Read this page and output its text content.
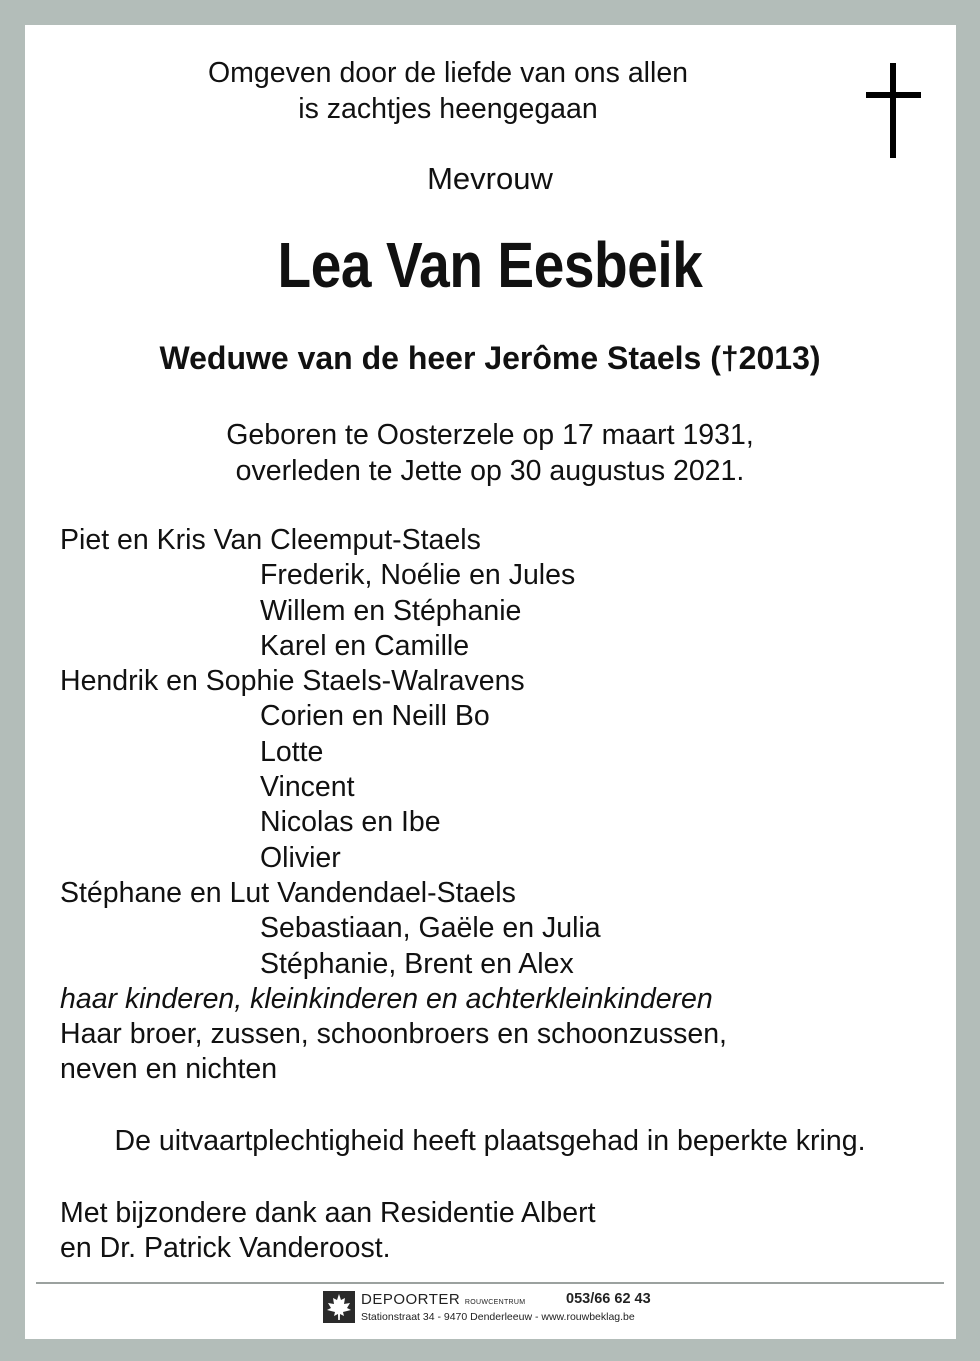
Omgeven door de liefde van ons allen
is zachtjes heengegaan
Mevrouw
Lea Van Eesbeik
Weduwe van de heer Jerôme Staels (†2013)
Geboren te Oosterzele op 17 maart 1931,
overleden te Jette op 30 augustus 2021.
Piet en Kris Van Cleemput-Staels
Frederik, Noélie en Jules
Willem en Stéphanie
Karel en Camille
Hendrik en Sophie Staels-Walravens
Corien en Neill Bo
Lotte
Vincent
Nicolas en Ibe
Olivier
Stéphane en Lut Vandendael-Staels
Sebastiaan, Gaële en Julia
Stéphanie, Brent en Alex
haar kinderen, kleinkinderen en achterkleinkinderen
Haar broer, zussen, schoonbroers en schoonzussen,
neven en nichten
De uitvaartplechtigheid heeft plaatsgehad in beperkte kring.
Met bijzondere dank aan Residentie Albert
en Dr. Patrick Vanderoost.
DEPOORTER ROUWCENTRUM	053/66 62 43
Stationstraat 34 - 9470 Denderleeuw - www.rouwbeklag.be
